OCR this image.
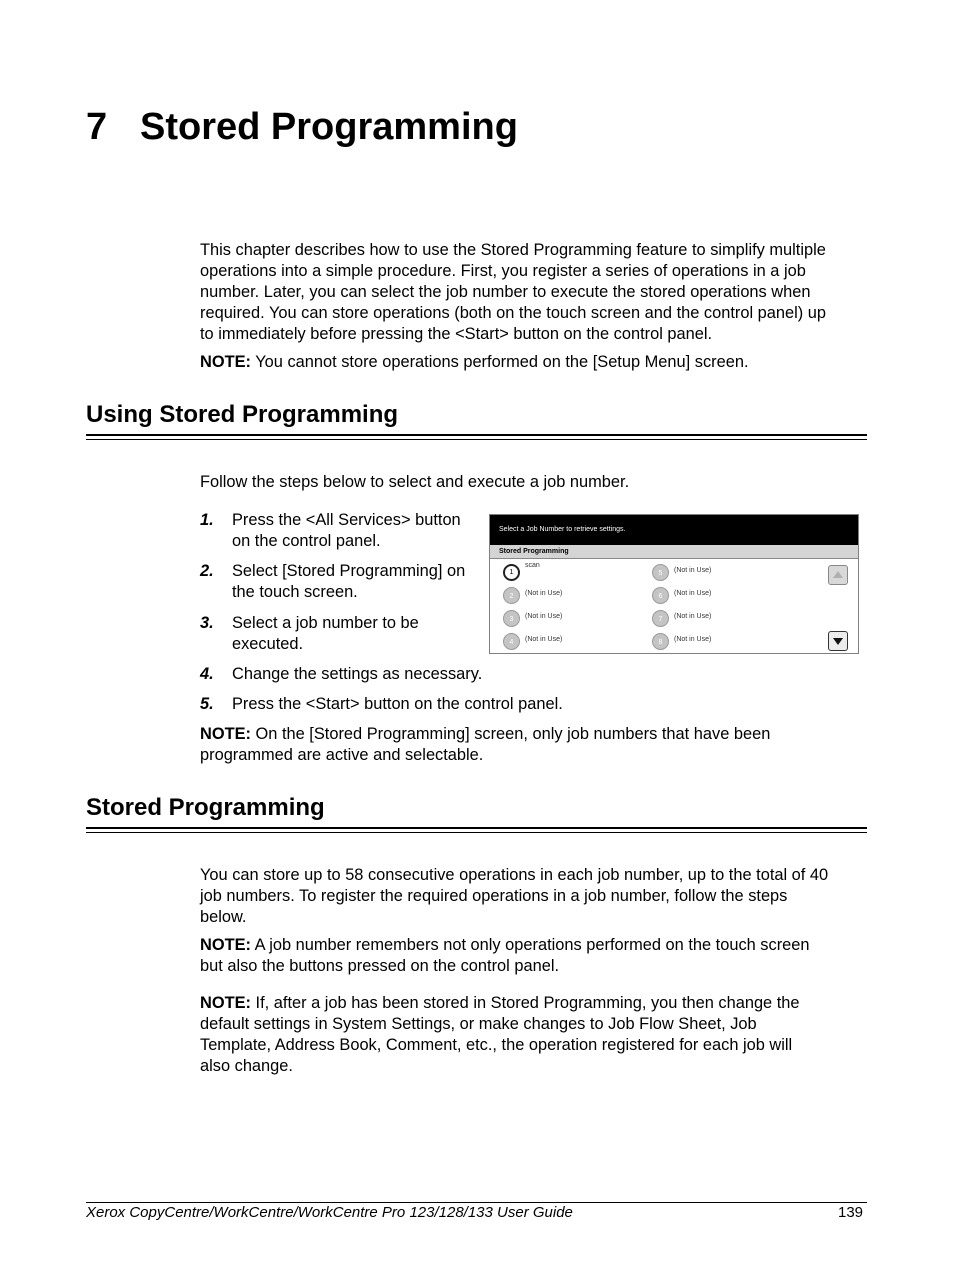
7 Stored Programming
This chapter describes how to use the Stored Programming feature to simplify multiple
operations into a simple procedure. First, you register a series of operations in a job
number. Later, you can select the job number to execute the stored operations when
required. You can store operations (both on the touch screen and the control panel) up
to immediately before pressing the <Start> button on the control panel.
NOTE: You cannot store operations performed on the [Setup Menu] screen.
Using Stored Programming
Follow the steps below to select and execute a job number.
1. Press the <All Services> button
on the control panel.
2. Select [Stored Programming] on
the touch screen.
3. Select a job number to be
executed.
4. Change the settings as necessary.
5. Press the <Start> button on the control panel.
NOTE: On the [Stored Programming] screen, only job numbers that have been
programmed are active and selectable.
Select a Job Number to retrieve settings.
Stored Programming
1
scan
2	(Not in Use)
3	(Not in Use)
4	(Not in Use)
5	(Not in Use)
6	(Not in Use)
7	(Not in Use)
8	(Not in Use)
Stored Programming
You can store up to 58 consecutive operations in each job number, up to the total of 40
job numbers. To register the required operations in a job number, follow the steps
below.
NOTE: A job number remembers not only operations performed on the touch screen
but also the buttons pressed on the control panel.
NOTE: If, after a job has been stored in Stored Programming, you then change the
default settings in System Settings, or make changes to Job Flow Sheet, Job
Template, Address Book, Comment, etc., the operation registered for each job will
also change.
Xerox CopyCentre/WorkCentre/WorkCentre Pro 123/128/133 User Guide	139
